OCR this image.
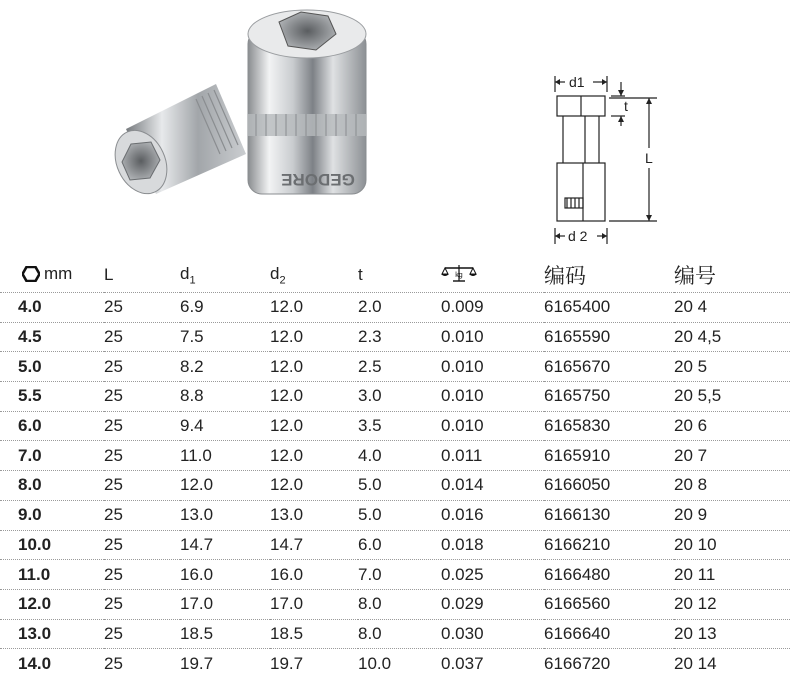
GEDORE
d1
t
L
d 2
mm	L	$d_1$	$d_2$	t	kg	编码	编号
4.0	25	6.9	12.0	2.0	0.009	6165400	20 4
4.5	25	7.5	12.0	2.3	0.010	6165590	20 4,5
5.0	25	8.2	12.0	2.5	0.010	6165670	20 5
5.5	25	8.8	12.0	3.0	0.010	6165750	20 5,5
6.0	25	9.4	12.0	3.5	0.010	6165830	20 6
7.0	25	11.0	12.0	4.0	0.011	6165910	20 7
8.0	25	12.0	12.0	5.0	0.014	6166050	20 8
9.0	25	13.0	13.0	5.0	0.016	6166130	20 9
10.0	25	14.7	14.7	6.0	0.018	6166210	20 10
11.0	25	16.0	16.0	7.0	0.025	6166480	20 11
12.0	25	17.0	17.0	8.0	0.029	6166560	20 12
13.0	25	18.5	18.5	8.0	0.030	6166640	20 13
14.0	25	19.7	19.7	10.0	0.037	6166720	20 14
